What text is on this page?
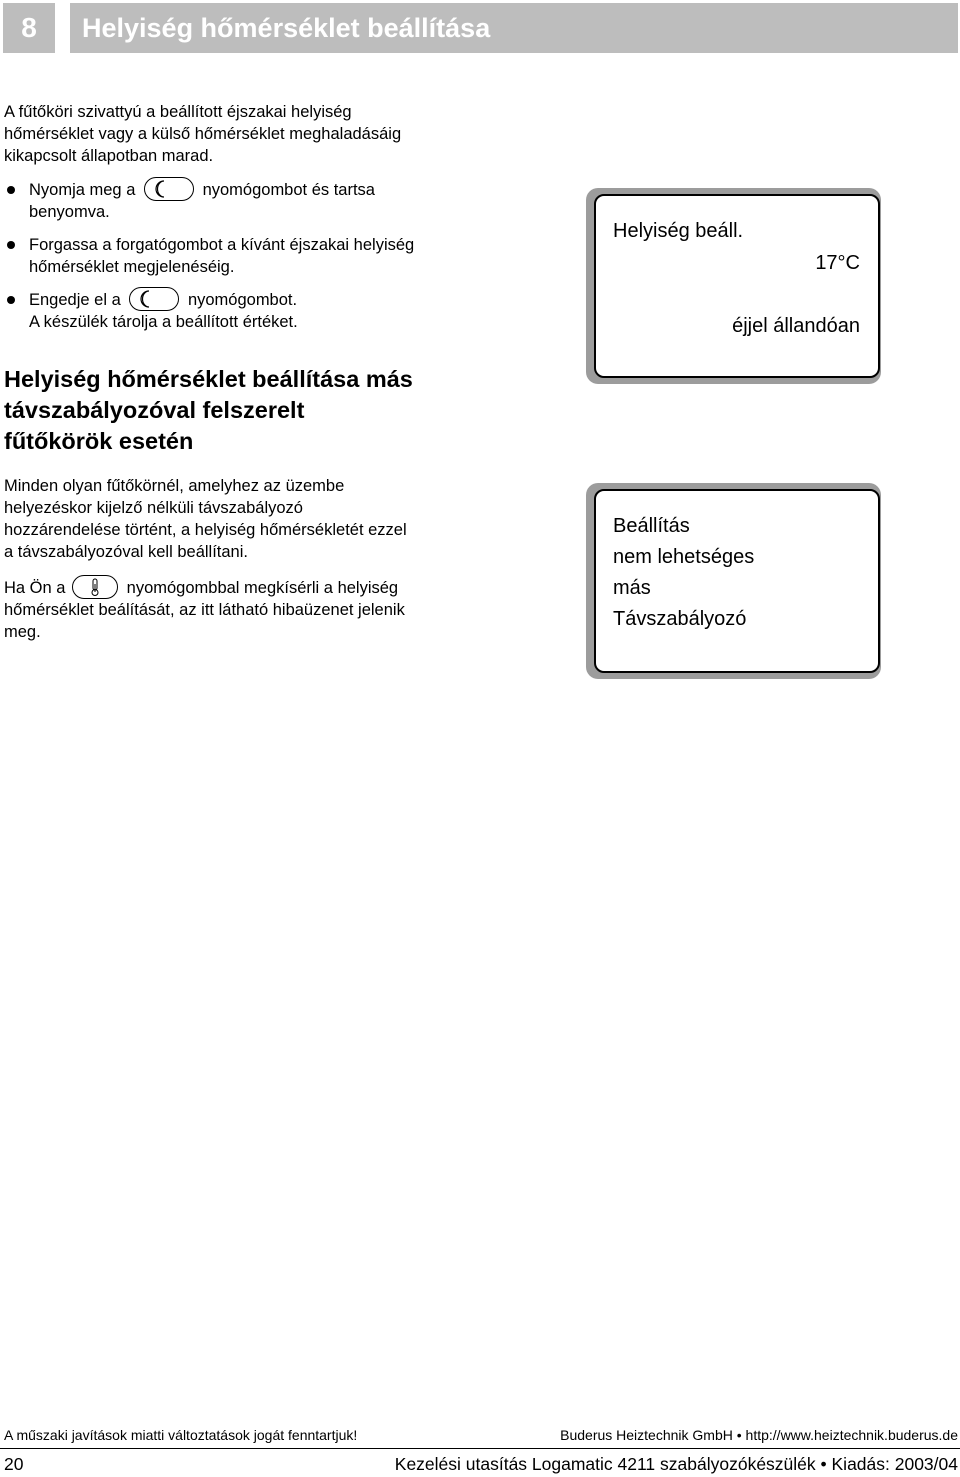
8	Helyiség hőmérséklet beállítása
A fűtőköri szivattyú a beállított éjszakai helyiség
hőmérséklet vagy a külső hőmérséklet meghaladásáig
kikapcsolt állapotban marad.
Nyomja meg a	nyomógombot és tartsa
benyomva.
Forgassa a forgatógombot a kívánt éjszakai helyiség
hőmérséklet megjelenéséig.
Engedje el a	nyomógombot.
A készülék tárolja a beállított értéket.
Helyiség beáll.
17°C
éjjel állandóan
Helyiség hőmérséklet beállítása más
távszabályozóval felszerelt
fűtőkörök esetén
Minden olyan fűtőkörnél, amelyhez az üzembe
helyezéskor kijelző nélküli távszabályozó
hozzárendelése történt, a helyiség hőmérsékletét ezzel
a távszabályozóval kell beállítani.
Ha Ön a	nyomógombbal megkísérli a helyiség
hőmérséklet beálítását, az itt látható hibaüzenet jelenik
meg.
Beállítás
nem lehetséges
más
Távszabályozó
A műszaki javítások miatti változtatások jogát fenntartjuk!	Buderus Heiztechnik GmbH • http://www.heiztechnik.buderus.de
20	Kezelési utasítás Logamatic 4211 szabályozókészülék • Kiadás: 2003/04
